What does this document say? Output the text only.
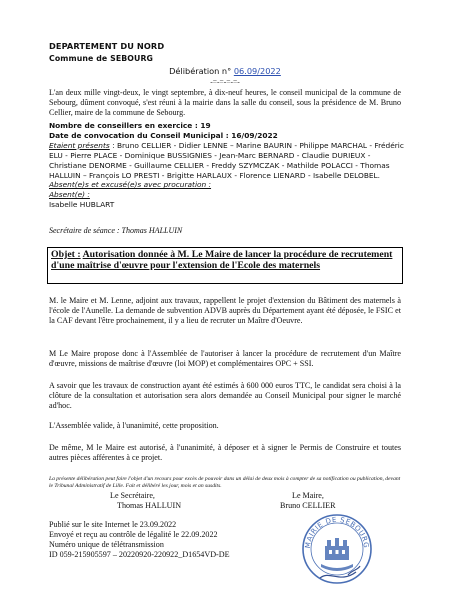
DEPARTEMENT DU NORD
Commune de SEBOURG
Délibération n° 06.09/2022
-=-=-=-=-
L'an deux mille vingt-deux, le vingt septembre, à dix-neuf heures, le conseil municipal de la commune de Sebourg, dûment convoqué, s'est réuni à la mairie dans la salle du conseil, sous la présidence de M. Bruno Cellier, maire de la commune de Sebourg.
Nombre de conseillers en exercice : 19
Date de convocation du Conseil Municipal : 16/09/2022
Etaient présents : Bruno CELLIER - Didier LENNE – Marine BAURIN - Philippe MARCHAL - Frédéric ELU - Pierre PLACE - Dominique BUSSIGNIES - Jean-Marc BERNARD - Claudie DURIEUX - Christiane DENORME - Guillaume CELLIER - Freddy SZYMCZAK - Mathilde POLACCI - Thomas HALLUIN – François LO PRESTI - Brigitte HARLAUX - Florence LIENARD - Isabelle DELOBEL.
Absent(e)s et excusé(e)s avec procuration :
Absent(e) :
Isabelle HUBLART
Secrétaire de séance : Thomas HALLUIN
Objet : Autorisation donnée à M. Le Maire de lancer la procédure de recrutement d'une maîtrise d'œuvre pour l'extension de l'Ecole des maternels
M. le Maire et M. Lenne, adjoint aux travaux, rappellent le projet d'extension du Bâtiment des maternels à l'école de l'Aunelle. La demande de subvention ADVB auprès du Département ayant été déposée, le FSIC et la CAF devant l'être prochainement, il y a lieu de recruter un Maître d'Oeuvre.
M Le Maire propose donc à l'Assemblée de l'autoriser à lancer la procédure de recrutement d'un Maître d'œuvre, missions de maîtrise d'œuvre (loi MOP) et complémentaires OPC + SSI.
A savoir que les travaux de construction ayant été estimés à 600 000 euros TTC, le candidat sera choisi à la clôture de la consultation et autorisation sera alors demandée au Conseil Municipal pour signer le marché ad'hoc.
L'Assemblée valide, à l'unanimité, cette proposition.
De même, M le Maire est autorisé, à l'unanimité, à déposer et à signer le Permis de Construire et toutes autres pièces afférentes à ce projet.
La présente délibération peut faire l'objet d'un recours pour excès de pouvoir dans un délai de deux mois à compter de sa notification ou publication, devant le Tribunal Administratif de Lille. Fait et délibéré les jour, mois et an susdits.
Le Secrétaire,
Thomas HALLUIN
Le Maire,
Bruno CELLIER
Publié sur le site Internet le 23.09.2022
Envoyé et reçu au contrôle de légalité le 22.09.2022
Numéro unique de télétransmission
ID 059-215905597 – 20220920-220922_D1654VD-DE
MAIRIE DE SEBOURG
